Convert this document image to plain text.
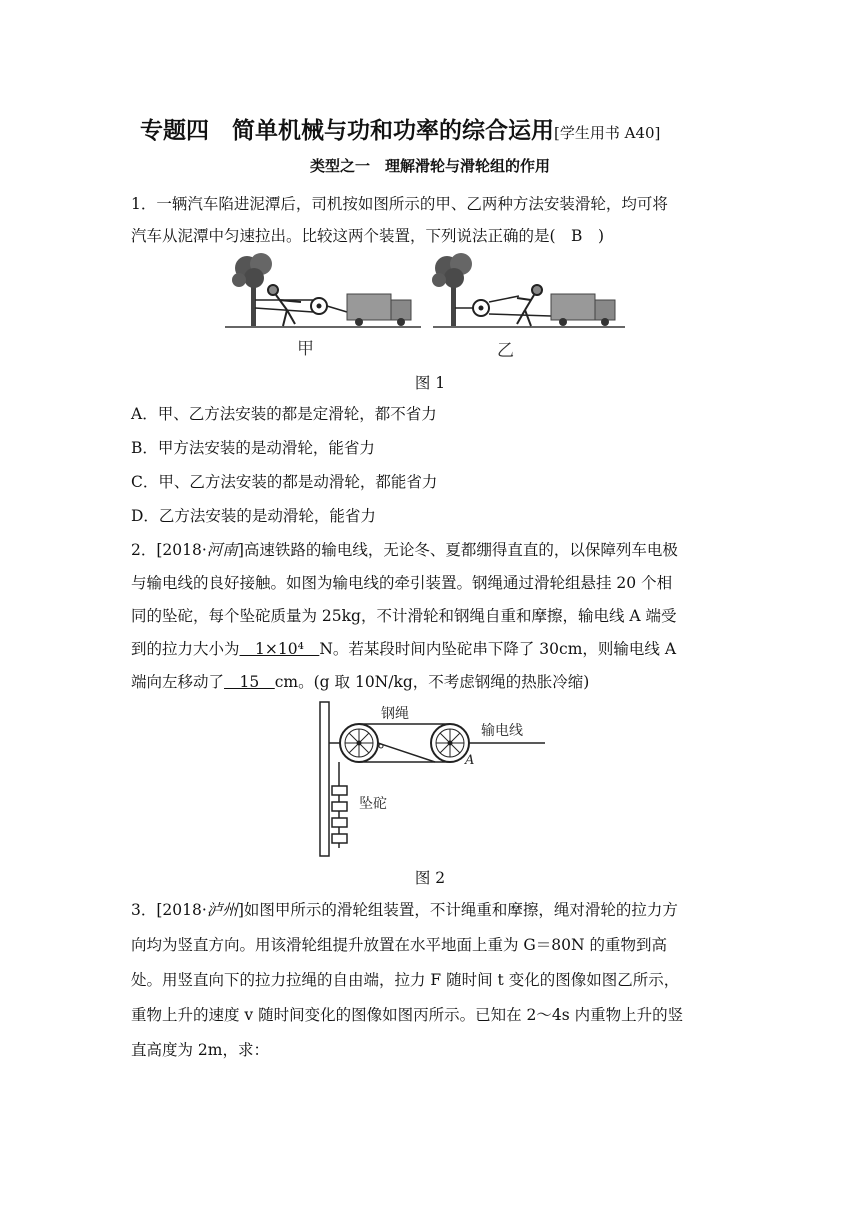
专题四　简单机械与功和功率的综合运用[学生用书 A40]
类型之一　理解滑轮与滑轮组的作用
1．一辆汽车陷进泥潭后，司机按如图所示的甲、乙两种方法安装滑轮，均可将
汽车从泥潭中匀速拉出。比较这两个装置，下列说法正确的是(　B　)
甲	乙
图 1
A．甲、乙方法安装的都是定滑轮，都不省力
B．甲方法安装的是动滑轮，能省力
C．甲、乙方法安装的都是动滑轮，都能省力
D．乙方法安装的是动滑轮，能省力
2．[2018·河南]高速铁路的输电线，无论冬、夏都绷得直直的，以保障列车电极
与输电线的良好接触。如图为输电线的牵引装置。钢绳通过滑轮组悬挂 20 个相
同的坠砣，每个坠砣质量为 25kg，不计滑轮和钢绳自重和摩擦，输电线 A 端受
到的拉力大小为　1×10⁴　N。若某段时间内坠砣串下降了 30cm，则输电线 A
端向左移动了　15　cm。(g 取 10N/kg，不考虑钢绳的热胀冷缩)
钢绳
输电线
A
坠砣
图 2
3．[2018·泸州]如图甲所示的滑轮组装置，不计绳重和摩擦，绳对滑轮的拉力方
向均为竖直方向。用该滑轮组提升放置在水平地面上重为 G＝80N 的重物到高
处。用竖直向下的拉力拉绳的自由端，拉力 F 随时间 t 变化的图像如图乙所示，
重物上升的速度 v 随时间变化的图像如图丙所示。已知在 2～4s 内重物上升的竖
直高度为 2m，求：
